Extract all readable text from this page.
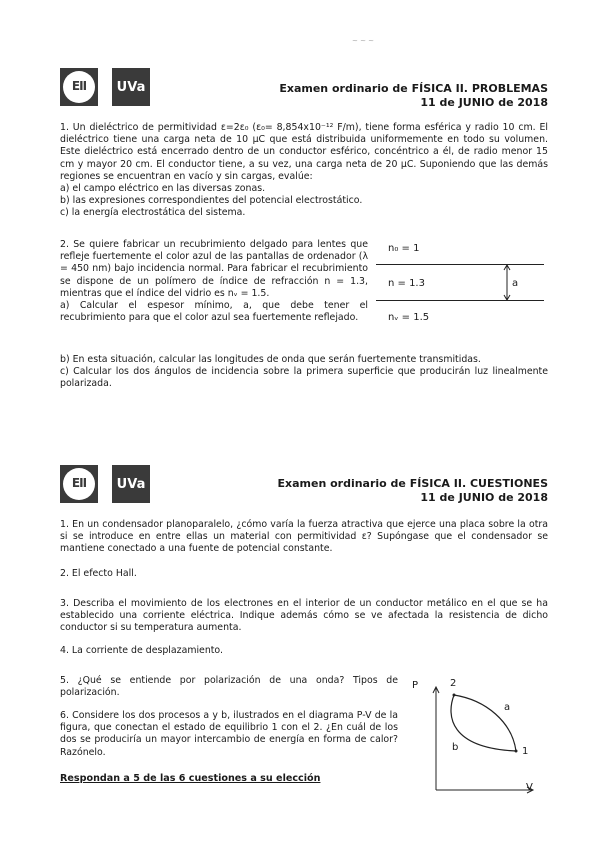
~ ~ ~
EII	UVa	Examen ordinario de FÍSICA II. PROBLEMAS
11 de JUNIO de 2018

1. Un dieléctrico de permitividad ε=2ε₀ (ε₀= 8,854x10⁻¹² F/m), tiene forma esférica y radio 10 cm. El dieléctrico tiene una carga neta de 10 μC que está distribuida uniformemente en todo su volumen. Este dieléctrico está encerrado dentro de un conductor esférico, concéntrico a él, de radio menor 15 cm y mayor 20 cm. El conductor tiene, a su vez, una carga neta de 20 μC. Suponiendo que las demás regiones se encuentran en vacío y sin cargas, evalúe:

a) el campo eléctrico en las diversas zonas.

b) las expresiones correspondientes del potencial electrostático.

c) la energía electrostática del sistema.

2. Se quiere fabricar un recubrimiento delgado para lentes que refleje fuertemente el color azul de las pantallas de ordenador (λ = 450 nm) bajo incidencia normal. Para fabricar el recubrimiento se dispone de un polímero de índice de refracción n = 1.3, mientras que el índice del vidrio es nᵥ = 1.5.

a) Calcular el espesor mínimo, a, que debe tener el recubrimiento para que el color azul sea fuertemente reflejado.

b) En esta situación, calcular las longitudes de onda que serán fuertemente transmitidas.

c) Calcular los dos ángulos de incidencia sobre la primera superficie que producirán luz linealmente polarizada.

n₀ = 1
n = 1.3
nᵥ = 1.5
a
EII	UVa	Examen ordinario de FÍSICA II. CUESTIONES
11 de JUNIO de 2018

1. En un condensador planoparalelo, ¿cómo varía la fuerza atractiva que ejerce una placa sobre la otra si se introduce en entre ellas un material con permitividad ε? Supóngase que el condensador se mantiene conectado a una fuente de potencial constante.

2. El efecto Hall.

3. Describa el movimiento de los electrones en el interior de un conductor metálico en el que se ha establecido una corriente eléctrica. Indique además cómo se ve afectada la resistencia de dicho conductor si su temperatura aumenta.

4. La corriente de desplazamiento.

5. ¿Qué se entiende por polarización de una onda? Tipos de polarización.

6. Considere los dos procesos a y b, ilustrados en el diagrama P-V de la figura, que conectan el estado de equilibrio 1 con el 2. ¿En cuál de los dos se produciría un mayor intercambio de energía en forma de calor? Razónelo.

Respondan a 5 de las 6 cuestiones a su elección
P
V
2
1
a
b
